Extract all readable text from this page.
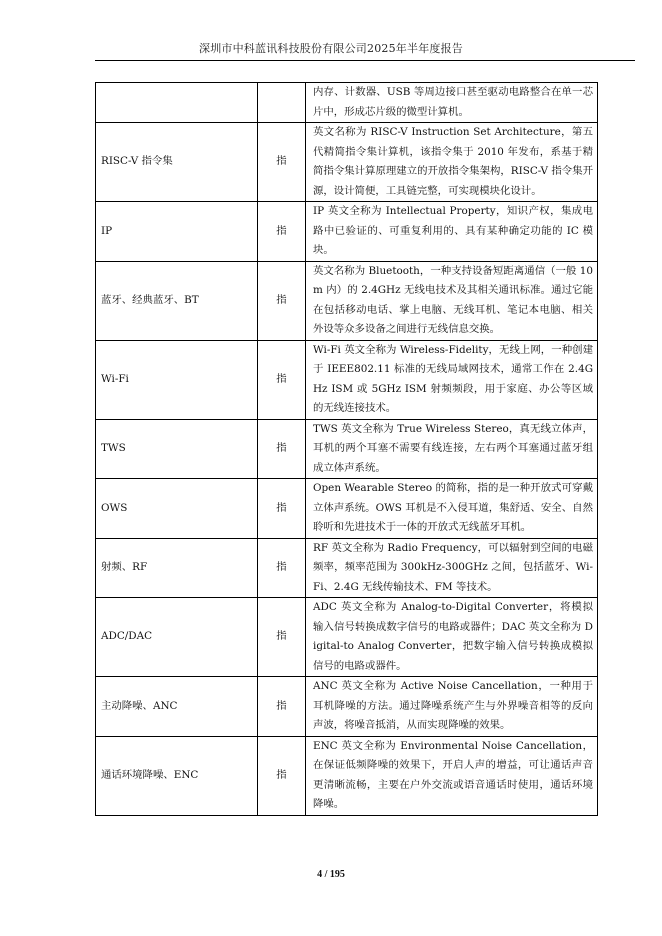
深圳市中科蓝讯科技股份有限公司2025年半年度报告
		内存、计数器、USB 等周边接口甚至驱动电路整合在单一芯片中，形成芯片级的微型计算机。
RISC-V 指令集	指	英文名称为 RISC-V Instruction Set Architecture，第五代精简指令集计算机，该指令集于 2010 年发布，系基于精简指令集计算原理建立的开放指令集架构，RISC-V 指令集开源，设计简便，工具链完整，可实现模块化设计。
IP	指	IP 英文全称为 Intellectual Property，知识产权，集成电路中已验证的、可重复利用的、具有某种确定功能的 IC 模块。
蓝牙、经典蓝牙、BT	指	英文名称为 Bluetooth，一种支持设备短距离通信（一般 10m 内）的 2.4GHz 无线电技术及其相关通讯标准。通过它能在包括移动电话、掌上电脑、无线耳机、笔记本电脑、相关外设等众多设备之间进行无线信息交换。
Wi-Fi	指	Wi-Fi 英文全称为 Wireless-Fidelity，无线上网，一种创建于 IEEE802.11 标准的无线局域网技术，通常工作在 2.4GHz ISM 或 5GHz ISM 射频频段，用于家庭、办公等区域的无线连接技术。
TWS	指	TWS 英文全称为 True Wireless Stereo，真无线立体声，耳机的两个耳塞不需要有线连接，左右两个耳塞通过蓝牙组成立体声系统。
OWS	指	Open Wearable Stereo 的简称，指的是一种开放式可穿戴立体声系统。OWS 耳机是不入侵耳道，集舒适、安全、自然聆听和先进技术于一体的开放式无线蓝牙耳机。
射频、RF	指	RF 英文全称为 Radio Frequency，可以辐射到空间的电磁频率，频率范围为 300kHz-300GHz 之间，包括蓝牙、Wi-Fi、2.4G 无线传输技术、FM 等技术。
ADC/DAC	指	ADC 英文全称为 Analog-to-Digital Converter，将模拟输入信号转换成数字信号的电路或器件；DAC 英文全称为 Digital-to Analog Converter，把数字输入信号转换成模拟信号的电路或器件。
主动降噪、ANC	指	ANC 英文全称为 Active Noise Cancellation，一种用于耳机降噪的方法。通过降噪系统产生与外界噪音相等的反向声波，将噪音抵消，从而实现降噪的效果。
通话环境降噪、ENC	指	ENC 英文全称为 Environmental Noise Cancellation，在保证低频降噪的效果下，开启人声的增益，可让通话声音更清晰流畅，主要在户外交流或语音通话时使用，通话环境降噪。
4 / 195
